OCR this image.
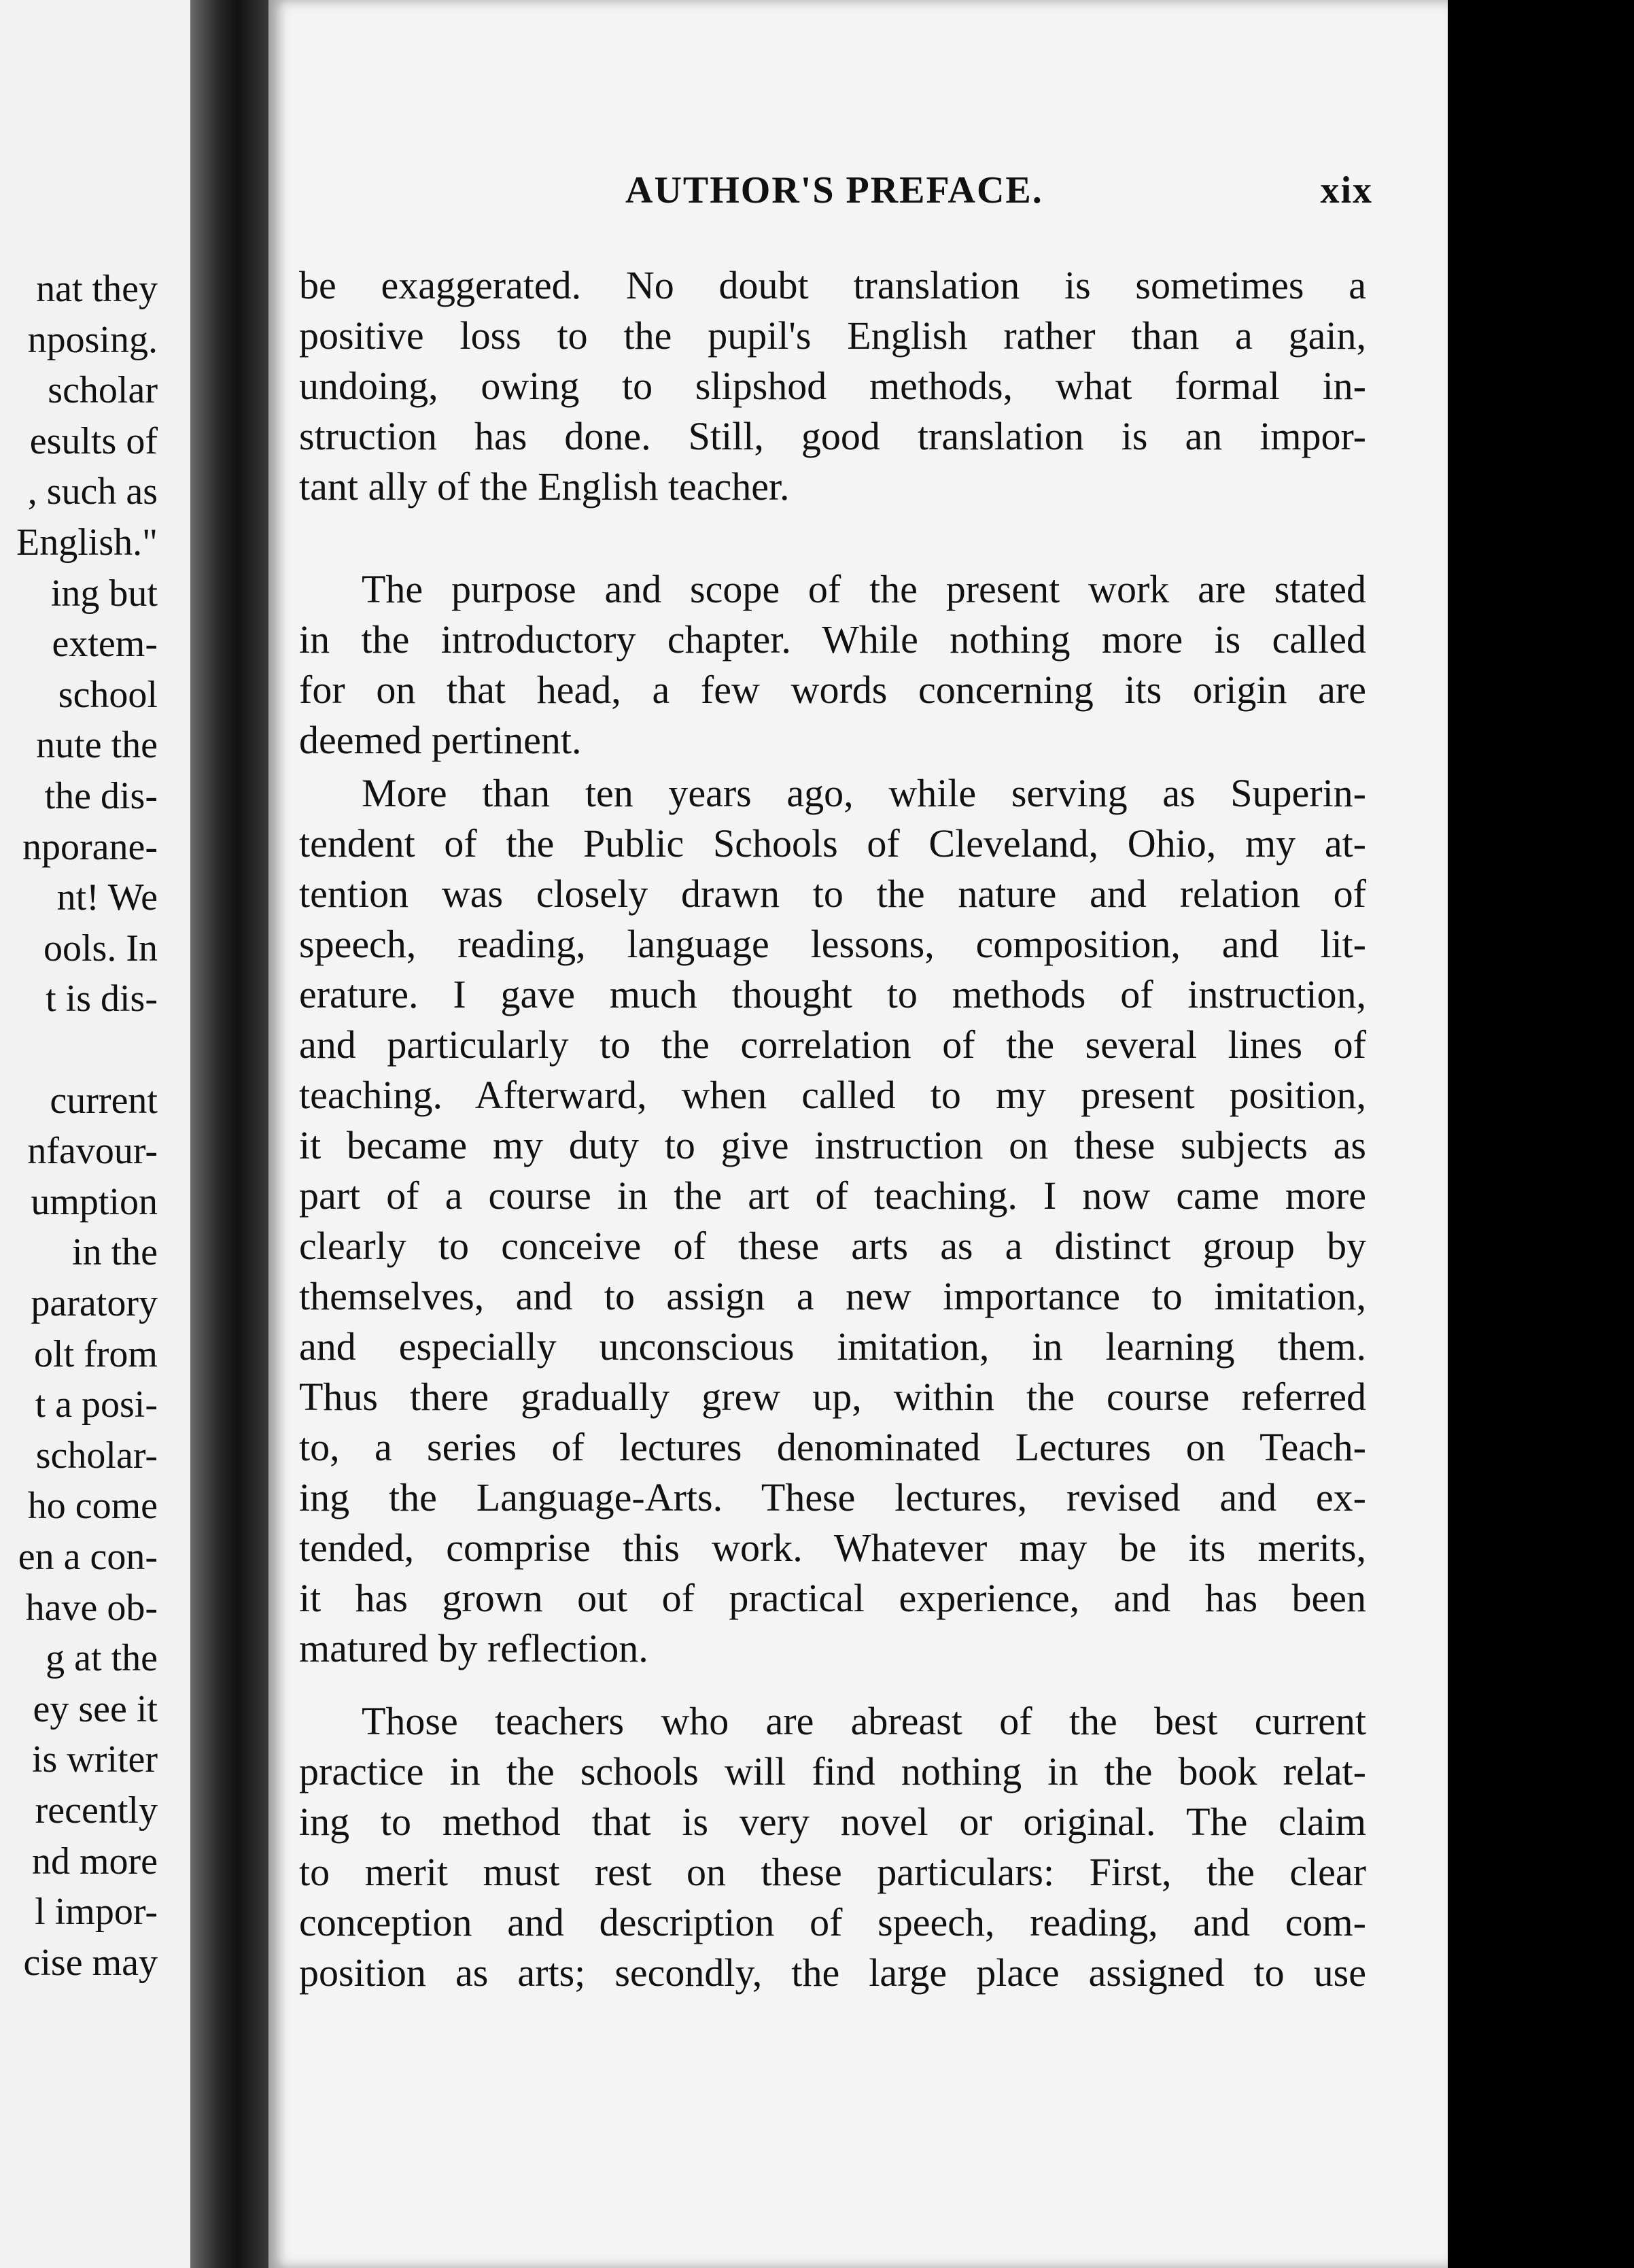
nat they
nposing.
scholar
esults of
, such as
English."
ing but
extem-
school
nute the
the dis-
nporane-
nt! We
ools. In
t is dis-
current
nfavour-
umption
in the
paratory
olt from
t a posi-
scholar-
ho come
en a con-
have ob-
g at the
ey see it
is writer
recently
nd more
l impor-
cise may
AUTHOR'S PREFACE.	xix
be exaggerated. No doubt translation is sometimes a
positive loss to the pupil's English rather than a gain,
undoing, owing to slipshod methods, what formal in-
struction has done. Still, good translation is an impor-
tant ally of the English teacher.
The purpose and scope of the present work are stated
in the introductory chapter. While nothing more is called
for on that head, a few words concerning its origin are
deemed pertinent.
More than ten years ago, while serving as Superin-
tendent of the Public Schools of Cleveland, Ohio, my at-
tention was closely drawn to the nature and relation of
speech, reading, language lessons, composition, and lit-
erature. I gave much thought to methods of instruction,
and particularly to the correlation of the several lines of
teaching. Afterward, when called to my present position,
it became my duty to give instruction on these subjects as
part of a course in the art of teaching. I now came more
clearly to conceive of these arts as a distinct group by
themselves, and to assign a new importance to imitation,
and especially unconscious imitation, in learning them.
Thus there gradually grew up, within the course referred
to, a series of lectures denominated Lectures on Teach-
ing the Language-Arts. These lectures, revised and ex-
tended, comprise this work. Whatever may be its merits,
it has grown out of practical experience, and has been
matured by reflection.
Those teachers who are abreast of the best current
practice in the schools will find nothing in the book relat-
ing to method that is very novel or original. The claim
to merit must rest on these particulars: First, the clear
conception and description of speech, reading, and com-
position as arts; secondly, the large place assigned to use
